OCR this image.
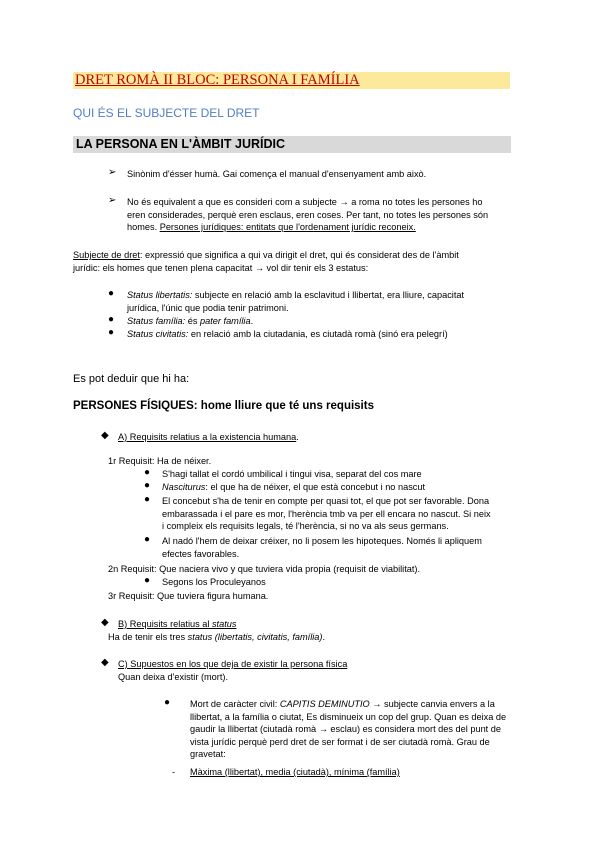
DRET ROMÀ II BLOC: PERSONA I FAMÍLIA
QUI ÉS EL SUBJECTE DEL DRET
LA PERSONA EN L'ÀMBIT JURÍDIC
➢ Sinònim d'ésser humà. Gai comença el manual d'ensenyament amb això.
➢ No és equivalent a que es consideri com a subjecte → a roma no totes les persones ho
eren considerades, perquè eren esclaus, eren coses. Per tant, no totes les persones són
homes. Persones jurídiques: entitats que l'ordenament jurídic reconeix.
Subjecte de dret: expressió que significa a qui va dirigit el dret, qui és considerat des de l'àmbit
jurídic: els homes que tenen plena capacitat → vol dir tenir els 3 estatus:
● Status libertatis: subjecte en relació amb la esclavitud i llibertat, era lliure, capacitat
jurídica, l'únic que podia tenir patrimoni.
● Status família: és pater família.
● Status civitatis: en relació amb la ciutadania, es ciutadà romà (sinó era pelegrí)
Es pot deduir que hi ha:
PERSONES FÍSIQUES: home lliure que té uns requisits
◆ A) Requisits relatius a la existencia humana.
1r Requisit: Ha de néixer.
● S'hagi tallat el cordó umbilical i tingui visa, separat del cos mare
● Nasciturus: el que ha de néixer, el que està concebut i no nascut
● El concebut s'ha de tenir en compte per quasi tot, el que pot ser favorable. Dona
embarassada i el pare es mor, l'herència tmb va per ell encara no nascut. Si neix
i compleix els requisits legals, té l'herència, si no va als seus germans.
● Al nadó l'hem de deixar créixer, no li posem les hipoteques. Només li apliquem
efectes favorables.
2n Requisit: Que naciera vivo y que tuviera vida propia (requisit de viabilitat).
● Segons los Proculeyanos
3r Requisit: Que tuviera figura humana.
◆ B) Requisits relatius al status
Ha de tenir els tres status (libertatis, civitatis, família).
◆ C) Supuestos en los que deja de existir la persona física
Quan deixa d'existir (mort).
● Mort de caràcter civil: CAPITIS DEMINUTIO → subjecte canvia envers a la
llibertat, a la família o ciutat, Es disminueix un cop del grup. Quan es deixa de
gaudir la llibertat (ciutadà romà → esclau) es considera mort des del punt de
vista jurídic perquè perd dret de ser format i de ser ciutadà romà. Grau de
gravetat:
- Màxima (llibertat), media (ciutadà), mínima (família)
